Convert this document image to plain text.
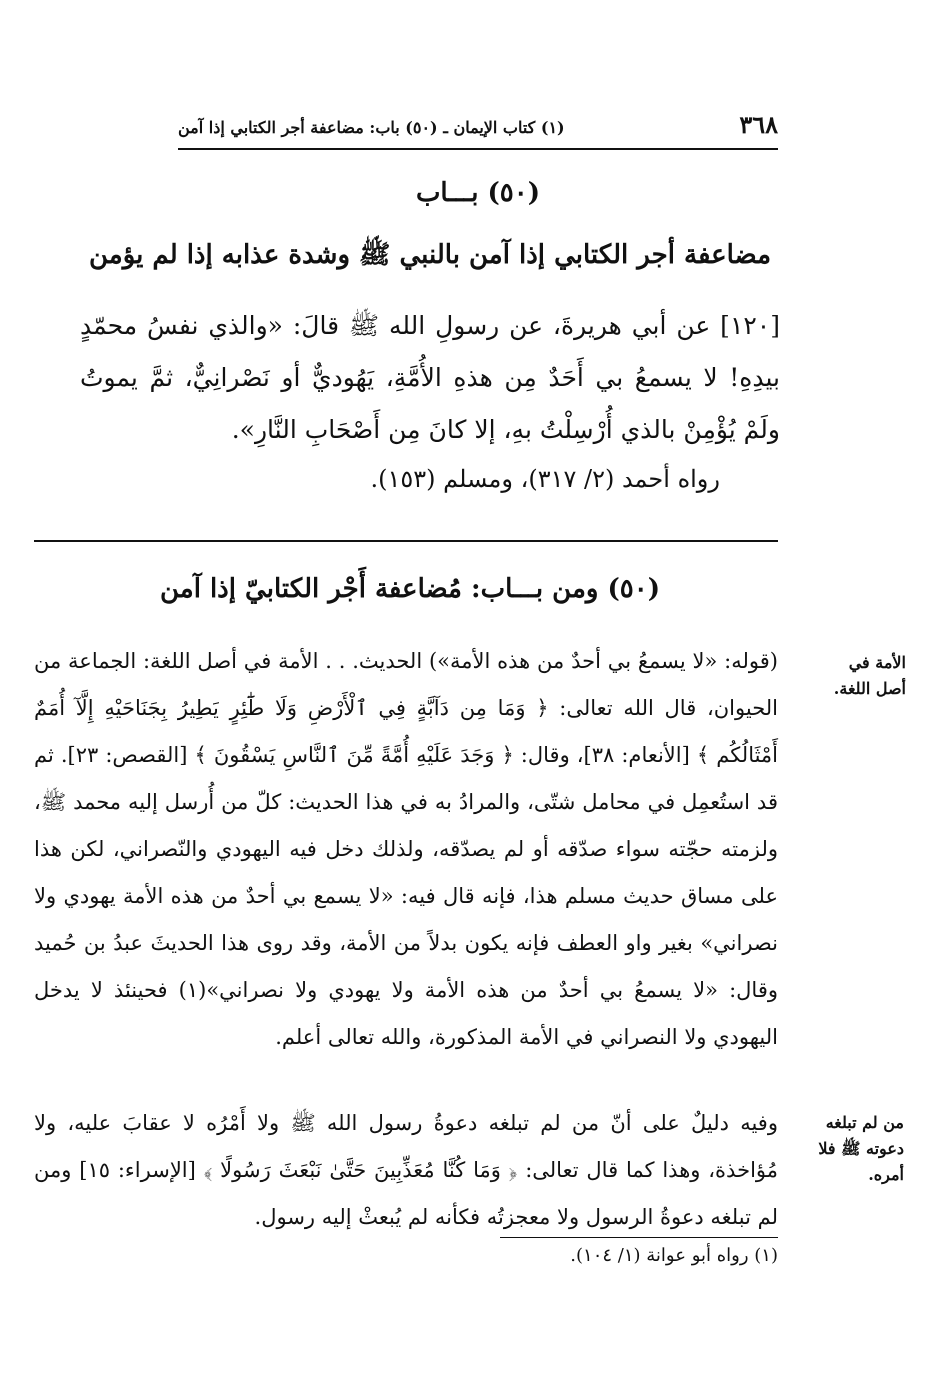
٣٦٨
(١) كتاب الإيمان ـ (٥٠) باب: مضاعفة أجر الكتابي إذا آمن
(٥٠) بـــاب
مضاعفة أجر الكتابي إذا آمن بالنبي ﷺ وشدة عذابه إذا لم يؤمن
[١٢٠] عن أبي هريرةَ، عن رسولِ الله ﷺ قالَ: «والذي نفسُ محمّدٍ بيدِهِ! لا يسمعُ بي أَحَدٌ مِن هذهِ الأُمَّةِ، يَهُوديٌّ أو نَصْرانِيٌّ، ثمَّ يموتُ ولَمْ يُؤْمِنْ بالذي أُرْسِلْتُ بهِ، إلا كانَ مِن أَصْحَابِ النَّارِ».
رواه أحمد (٢/ ٣١٧)، ومسلم (١٥٣).
(٥٠) ومن بـــاب: مُضاعفة أَجْر الكتابيّ إذا آمن
الأمة في أصل اللغة.
(قوله: «لا يسمعُ بي أحدٌ من هذه الأمة») الحديث. . . الأمة في أصل اللغة: الجماعة من الحيوان، قال الله تعالى: ﴿ وَمَا مِن دَآبَّةٍ فِي ٱلْأَرْضِ وَلَا طَٰٓئِرٍ يَطِيرُ بِجَنَاحَيْهِ إِلَّآ أُمَمٌ أَمْثَالُكُم ﴾ [الأنعام: ٣٨]، وقال: ﴿ وَجَدَ عَلَيْهِ أُمَّةً مِّنَ ٱلنَّاسِ يَسْقُونَ ﴾ [القصص: ٢٣]. ثم قد استُعمِل في محامل شتّى، والمرادُ به في هذا الحديث: كلّ من أُرسل إليه محمد ﷺ، ولزمته حجّته سواء صدّقه أو لم يصدّقه، ولذلك دخل فيه اليهودي والنّصراني، لكن هذا على مساق حديث مسلم هذا، فإنه قال فيه: «لا يسمع بي أحدٌ من هذه الأمة يهودي ولا نصراني» بغير واو العطف فإنه يكون بدلاً من الأمة، وقد روى هذا الحديثَ عبدُ بن حُميد وقال: «لا يسمعُ بي أحدٌ من هذه الأمة ولا يهودي ولا نصراني»(١) فحينئذ لا يدخل اليهودي ولا النصراني في الأمة المذكورة، والله تعالى أعلم.
من لم تبلغه دعوته ﷺ فلا أمره.
وفيه دليلٌ على أنّ من لم تبلغه دعوةُ رسول الله ﷺ ولا أَمْرُه لا عقابَ عليه، ولا مُؤاخذة، وهذا كما قال تعالى: ﴿ وَمَا كُنَّا مُعَذِّبِينَ حَتَّىٰ نَبْعَثَ رَسُولًا ﴾ [الإسراء: ١٥] ومن لم تبلغه دعوةُ الرسول ولا معجزتُه فكأنه لم يُبعثْ إليه رسول.
(١) رواه أبو عوانة (١/ ١٠٤).
